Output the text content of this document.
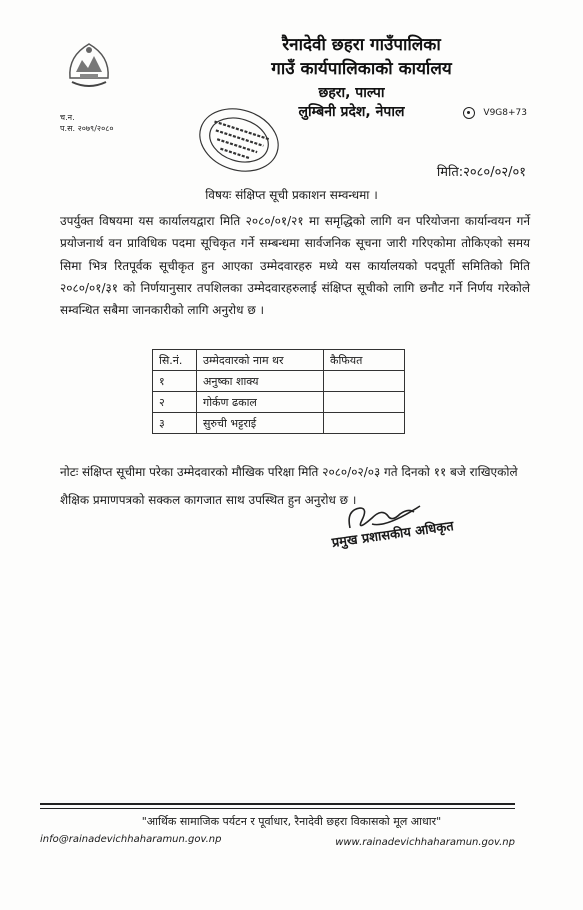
रैनादेवी छहरा गाउँपालिका
गाउँ कार्यपालिकाको कार्यालय
छहरा, पाल्पा
लुम्बिनी प्रदेश, नेपाल
च.न.
प.स. २०७९/२०८०
V9G8+73
मिति:२०८०/०२/०१
विषयः संक्षिप्त सूची प्रकाशन सम्वन्धमा ।
उपर्युक्त विषयमा यस कार्यालयद्वारा मिति २०८०/०१/२१ मा समृद्धिको लागि वन परियोजना कार्यान्वयन गर्ने प्रयोजनार्थ वन प्राविधिक पदमा सूचिकृत गर्ने सम्बन्धमा सार्वजनिक सूचना जारी गरिएकोमा तोकिएको समय सिमा भित्र रितपूर्वक सूचीकृत हुन आएका उम्मेदवारहरु मध्ये यस कार्यालयको पदपूर्ती समितिको मिति २०८०/०१/३१ को निर्णयानुसार तपशिलका उम्मेदवारहरुलाई संक्षिप्त सूचीको लागि छनौट गर्ने निर्णय गरेकोले सम्वन्धित सबैमा जानकारीको लागि अनुरोध छ ।
सि.नं.	उम्मेदवारको नाम थर	कैफियत
१	अनुष्का शाक्य	
२	गोर्कण ढकाल	
३	सुरुची भट्टराई	
नोटः संक्षिप्त सूचीमा परेका उम्मेदवारको मौखिक परिक्षा मिति २०८०/०२/०३ गते दिनको ११ बजे राखिएकोले शैक्षिक प्रमाणपत्रको सक्कल कागजात साथ उपस्थित हुन अनुरोध छ ।
प्रमुख प्रशासकीय अधिकृत
"आर्थिक सामाजिक पर्यटन र पूर्वाधार, रैनादेवी छहरा विकासको मूल आधार"
info@rainadevichhaharamun.gov.np	www.rainadevichhaharamun.gov.np
